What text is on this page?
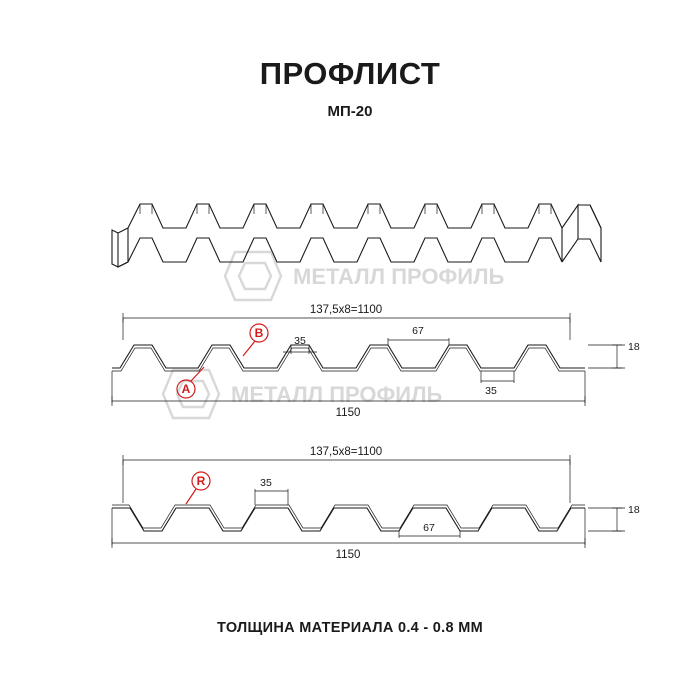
ПРОФЛИСТ
МП-20
МЕТАЛЛ ПРОФИЛЬ
МЕТАЛЛ ПРОФИЛЬ
137,5х8=1100
1150
18
35
67
35
A
B
137,5х8=1100
1150
18
35
67
R
ТОЛЩИНА МАТЕРИАЛА 0.4 - 0.8 ММ
